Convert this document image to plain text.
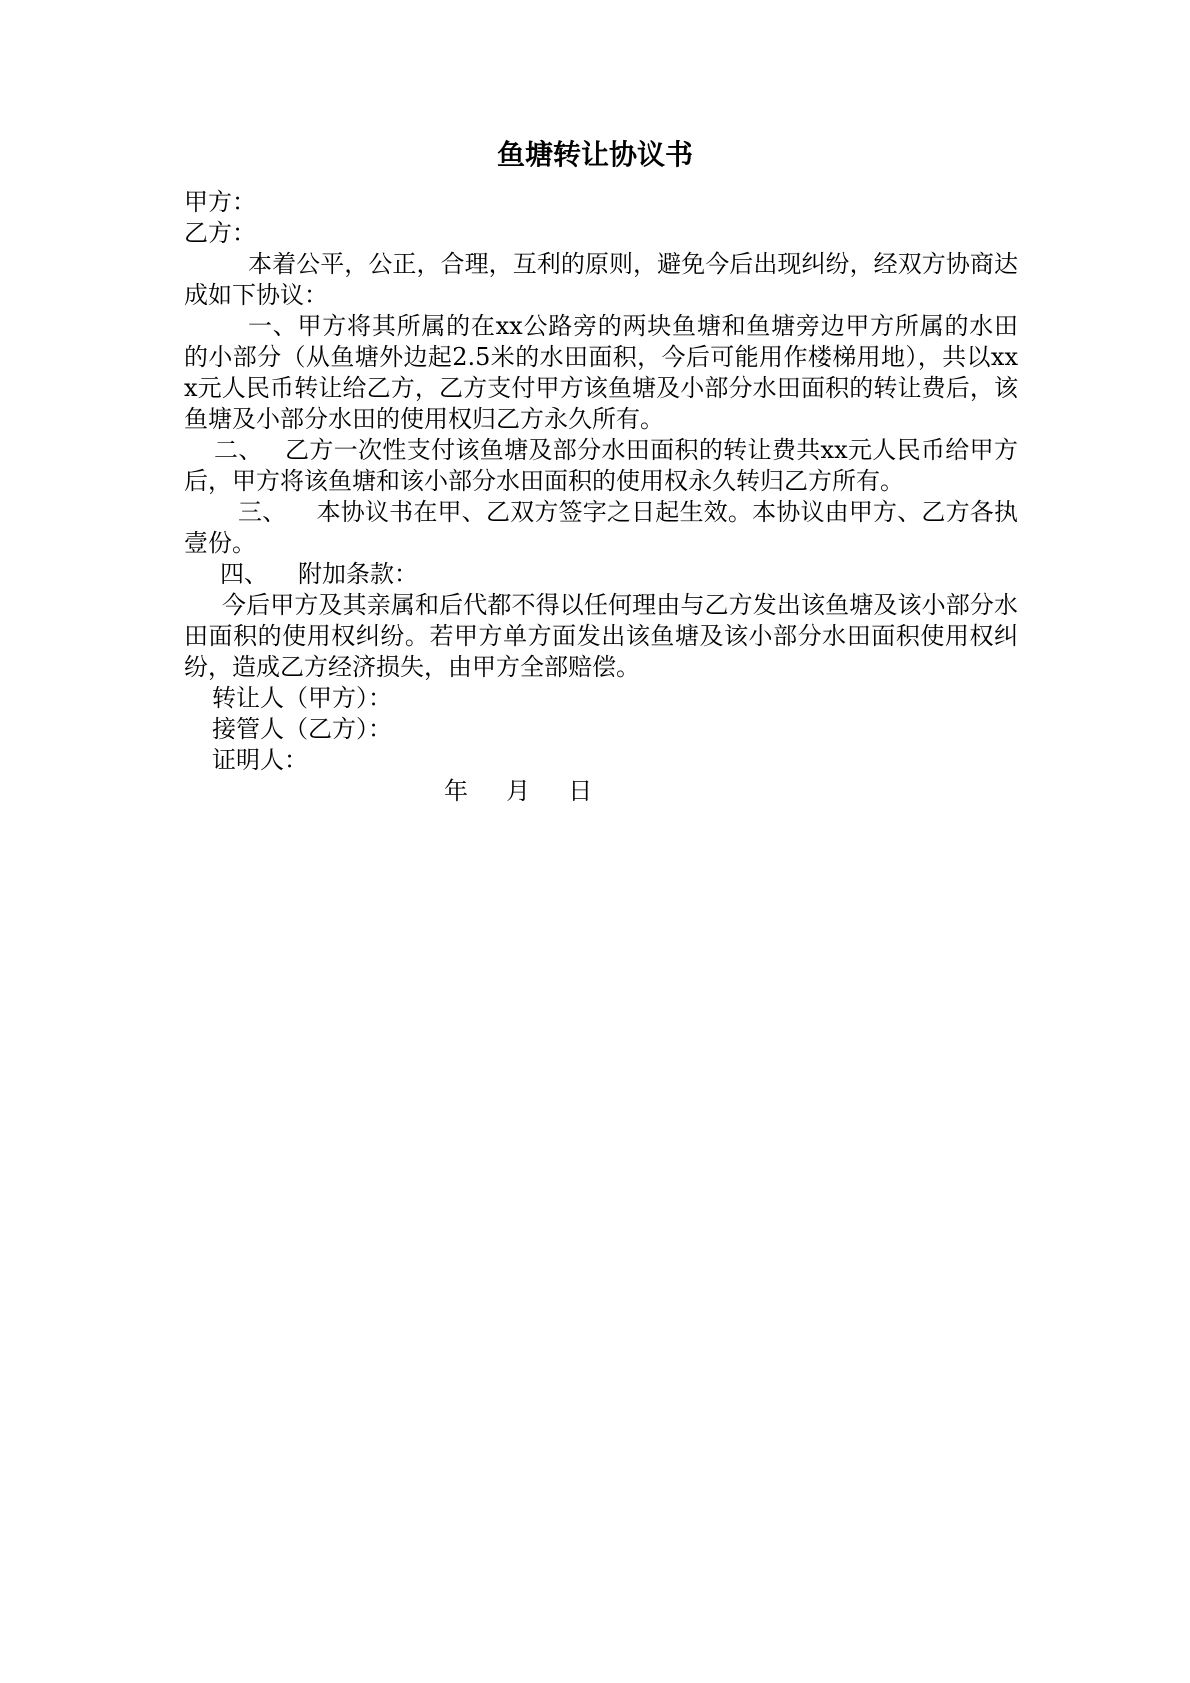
鱼塘转让协议书

甲方：

乙方：

本着公平，公正，合理，互利的原则，避免今后出现纠纷，经双方协商达成如下协议：

一、甲方将其所属的在xx公路旁的两块鱼塘和鱼塘旁边甲方所属的水田的小部分（从鱼塘外边起2.5米的水田面积，今后可能用作楼梯用地），共以xxx元人民币转让给乙方，乙方支付甲方该鱼塘及小部分水田面积的转让费后，该鱼塘及小部分水田的使用权归乙方永久所有。

二、 乙方一次性支付该鱼塘及部分水田面积的转让费共xx元人民币给甲方后，甲方将该鱼塘和该小部分水田面积的使用权永久转归乙方所有。

三、 本协议书在甲、乙双方签字之日起生效。本协议由甲方、乙方各执壹份。

四、 附加条款：

今后甲方及其亲属和后代都不得以任何理由与乙方发出该鱼塘及该小部分水田面积的使用权纠纷。若甲方单方面发出该鱼塘及该小部分水田面积使用权纠纷，造成乙方经济损失，由甲方全部赔偿。

转让人（甲方）：

接管人（乙方）：

证明人：

年     月     日
